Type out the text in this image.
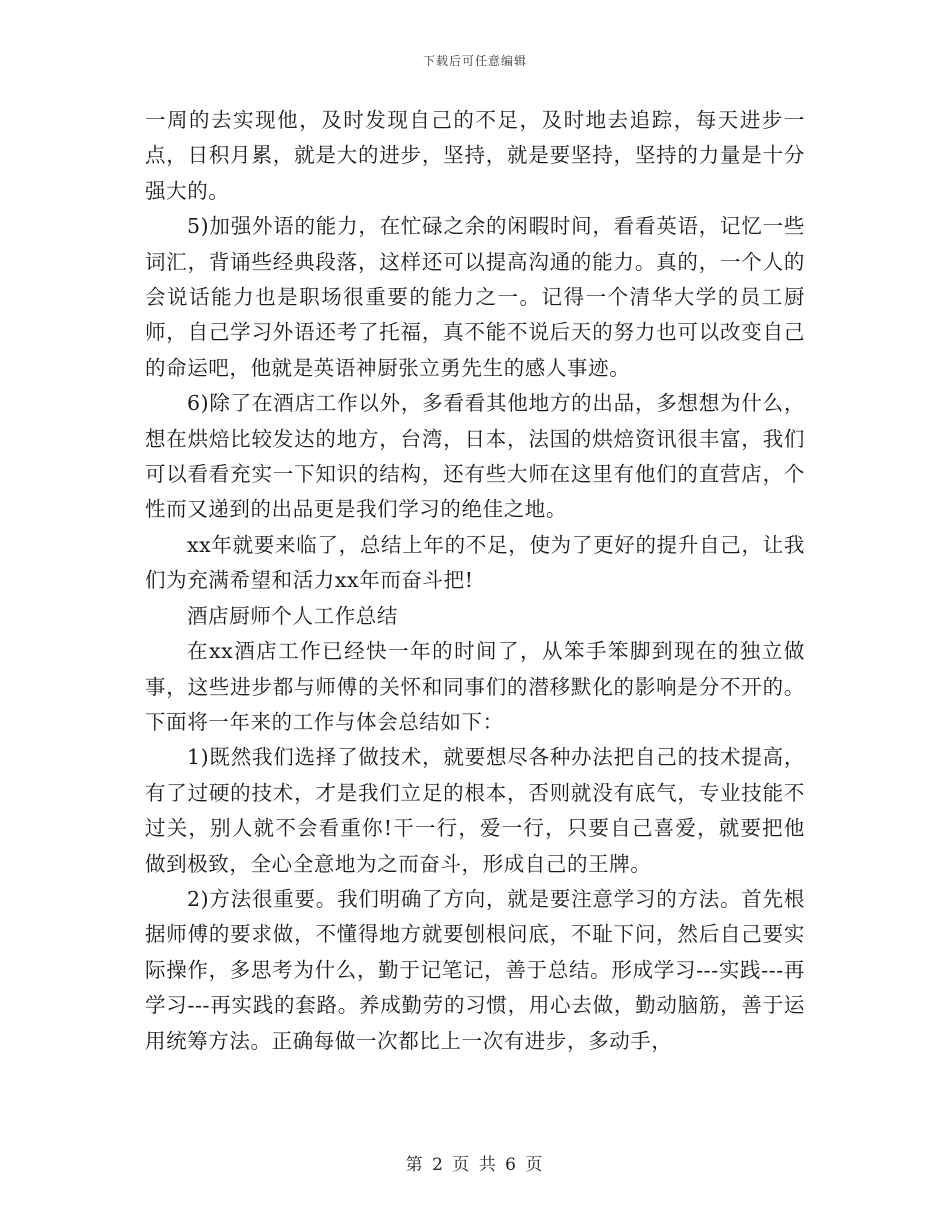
下载后可任意编辑

一周的去实现他，及时发现自己的不足，及时地去追踪，每天进步一点，日积月累，就是大的进步，坚持，就是要坚持，坚持的力量是十分强大的。

5)加强外语的能力，在忙碌之余的闲暇时间，看看英语，记忆一些词汇，背诵些经典段落，这样还可以提高沟通的能力。真的，一个人的会说话能力也是职场很重要的能力之一。记得一个清华大学的员工厨师，自己学习外语还考了托福，真不能不说后天的努力也可以改变自己的命运吧，他就是英语神厨张立勇先生的感人事迹。

6)除了在酒店工作以外，多看看其他地方的出品，多想想为什么，想在烘焙比较发达的地方，台湾，日本，法国的烘焙资讯很丰富，我们可以看看充实一下知识的结构，还有些大师在这里有他们的直营店，个性而又递到的出品更是我们学习的绝佳之地。

xx年就要来临了，总结上年的不足，使为了更好的提升自己，让我们为充满希望和活力xx年而奋斗把!

酒店厨师个人工作总结

在xx酒店工作已经快一年的时间了，从笨手笨脚到现在的独立做事，这些进步都与师傅的关怀和同事们的潜移默化的影响是分不开的。下面将一年来的工作与体会总结如下：

1)既然我们选择了做技术，就要想尽各种办法把自己的技术提高，有了过硬的技术，才是我们立足的根本，否则就没有底气，专业技能不过关，别人就不会看重你!干一行，爱一行，只要自己喜爱，就要把他做到极致，全心全意地为之而奋斗，形成自己的王牌。

2)方法很重要。我们明确了方向，就是要注意学习的方法。首先根据师傅的要求做，不懂得地方就要刨根问底，不耻下问，然后自己要实际操作，多思考为什么，勤于记笔记，善于总结。形成学习---实践---再学习---再实践的套路。养成勤劳的习惯，用心去做，勤动脑筋，善于运用统筹方法。正确每做一次都比上一次有进步，多动手，

第 2 页 共 6 页
